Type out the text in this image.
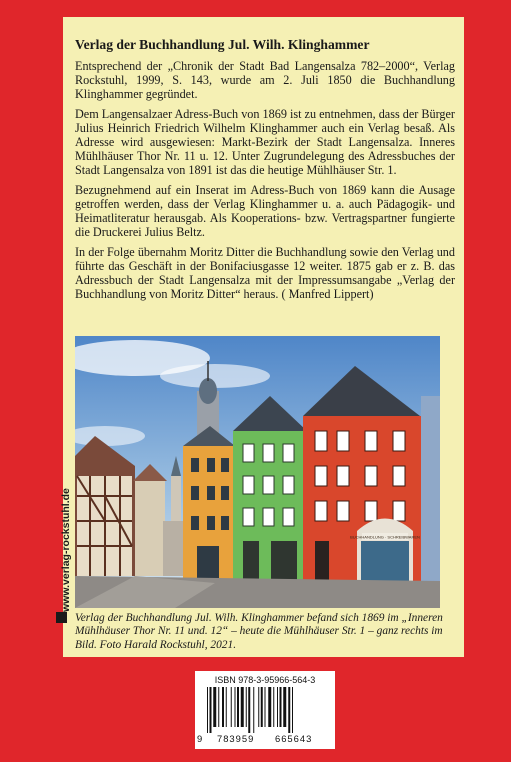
Verlag der Buchhandlung Jul. Wilh. Klinghammer

Entsprechend der „Chronik der Stadt Bad Langensalza 782–2000“, Verlag Rockstuhl, 1999, S. 143, wurde am 2. Juli 1850 die Buchhandlung Klinghammer gegründet.

Dem Langensalzaer Adress-Buch von 1869 ist zu entnehmen, dass der Bürger Julius Heinrich Friedrich Wilhelm Klinghammer auch ein Verlag besaß. Als Adresse wird ausgewiesen: Markt-Bezirk der Stadt Langensalza. Inneres Mühlhäuser Thor Nr. 11 u. 12. Unter Zugrundelegung des Adressbuches der Stadt Langensalza von 1891 ist das die heutige Mühlhäuser Str. 1.

Bezugnehmend auf ein Inserat im Adress-Buch von 1869 kann die Ausage getroffen werden, dass der Verlag Klinghammer u. a. auch Pädagogik- und Heimatliteratur herausgab. Als Kooperations- bzw. Vertragspartner fungierte die Druckerei Julius Beltz.

In der Folge übernahm Moritz Ditter die Buchhandlung sowie den Verlag und führte das Geschäft in der Bonifaciusgasse 12 weiter. 1875 gab er z. B. das Adressbuch der Stadt Langensalza mit der Impressumsangabe „Verlag der Buchhandlung von Moritz Ditter“ heraus. ( Manfred Lippert)

BUCHHANDLUNG · SCHREIBWAREN
Verlag der Buchhandlung Jul. Wilh. Klinghammer befand sich 1869 im „Inneren Mühlhäuser Thor Nr. 11 und. 12“ – heute die Mühlhäuser Str. 1 – ganz rechts im Bild. Foto Harald Rockstuhl, 2021.
www.verlag-rockstuhl.de
ISBN 978-3-95966-564-3
9 783959 665643
